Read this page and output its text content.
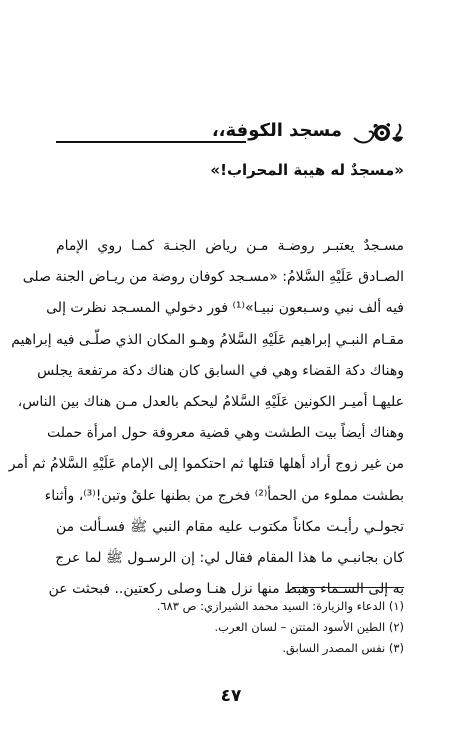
مسجد الكوفة،،
«مسجدٌ له هيبة المحراب!»
مسـجدٌ يعتبـر روضـة مـن رياض الجنـة كمـا روي الإمام
الصـادق عَلَيْهِ السَّلامُ: «مسـجد كوفان روضة من ريـاض الجنة صلى
فيه ألف نبي وسـبعون نبيـا»⁽¹⁾ فور دخولي المسـجد نظرت إلى
مقـام النبـي إبراهيم عَلَيْهِ السَّلامُ وهـو المكان الذي صلّـى فيه إبراهيم
وهناك دكة القضاء وهي في السابق كان هناك دكة مرتفعة يجلس
عليهـا أميـر الكونين عَلَيْهِ السَّلامُ ليحكم بالعدل مـن هناك بين الناس،
وهناك أيضاً بيت الطشت وهي قضية معروفة حول امرأة حملت
من غير زوج أراد أهلها قتلها ثم احتكموا إلى الإمام عَلَيْهِ السَّلامُ ثم أمر
بطشت مملوء من الحمأ⁽²⁾ فخرج من بطنها علقٌ وتبن!⁽³⁾، وأثناء
تجولـي رأيـت مكاناً مكتوب عليه مقام النبي ﷺ فسـألت من
كان بجانبـي ما هذا المقام فقال لي: إن الرسـول ﷺ لما عرج
به إلى السـماء وهبط منها نزل هنـا وصلى ركعتين.. فبحثت عن
(١) الدعاء والزيارة: السيد محمد الشيرازي: ص ٦٨٣.
(٢) الطين الأسود المتتن – لسان العرب.
(٣) نفس المصدر السابق.
٤٧
